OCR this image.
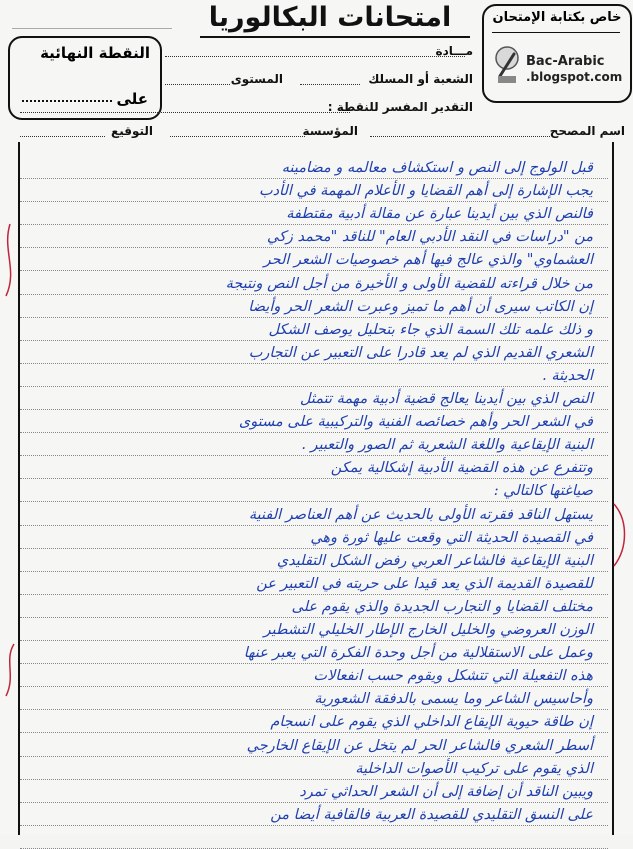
النقطة النهائية
على
امتحانات البكالوريا	خاص بكتابة الإمتحان
Bac-Arabic
.blogspot.com
مـــادة
الشعبة أو المسلك
المستوى
التقدير المفسر للنقطة :
اسم المصحح
المؤسسة
التوقيع
قبل الولوج إلى النص و استكشاف معالمه و مضامينه
يجب الإشارة إلى أهم القضايا و الأعلام المهمة في الأدب
فالنص الذي بين أيدينا عبارة عن مقالة أدبية مقتطفة
من "دراسات في النقد الأدبي العام" للناقد "محمد زكي
العشماوي" والذي عالج فيها أهم خصوصيات الشعر الحر
من خلال قراءته للقضية الأولى و الأخيرة من أجل النص ونتيجة
إن الكاتب سيرى أن أهم ما تميز وعبرت الشعر الحر وأيضا
و ذلك علمه تلك السمة الذي جاء بتحليل يوصف الشكل
الشعري القديم الذي لم يعد قادرا على التعبير عن التجارب
الحديثة .
النص الذي بين أيدينا يعالج قضية أدبية مهمة تتمثل
في الشعر الحر وأهم خصائصه الفنية والتركيبية على مستوى
البنية الإيقاعية واللغة الشعرية ثم الصور والتعبير .
وتتفرع عن هذه القضية الأدبية إشكالية يمكن
صياغتها كالتالي :
يستهل الناقد فقرته الأولى بالحديث عن أهم العناصر الفنية
في القصيدة الحديثة التي وقعت عليها ثورة وهي
البنية الإيقاعية فالشاعر العربي رفض الشكل التقليدي
للقصيدة القديمة الذي يعد قيدا على حريته في التعبير عن
مختلف القضايا و التجارب الجديدة والذي يقوم على
الوزن العروضي والخليل الخارج الإطار الخليلي التشطير
وعمل على الاستقلالية من أجل وحدة الفكرة التي يعبر عنها
هذه التفعيلة التي تتشكل ويقوم حسب انفعالات
وأحاسيس الشاعر وما يسمى بالدفقة الشعورية
إن طاقة حيوية الإيقاع الداخلي الذي يقوم على انسجام
أسطر الشعري فالشاعر الحر لم يتخل عن الإيقاع الخارجي
الذي يقوم على تركيب الأصوات الداخلية
ويبين الناقد أن إضافة إلى أن الشعر الحداثي تمرد
على النسق التقليدي للقصيدة العربية فالقافية أيضا من
